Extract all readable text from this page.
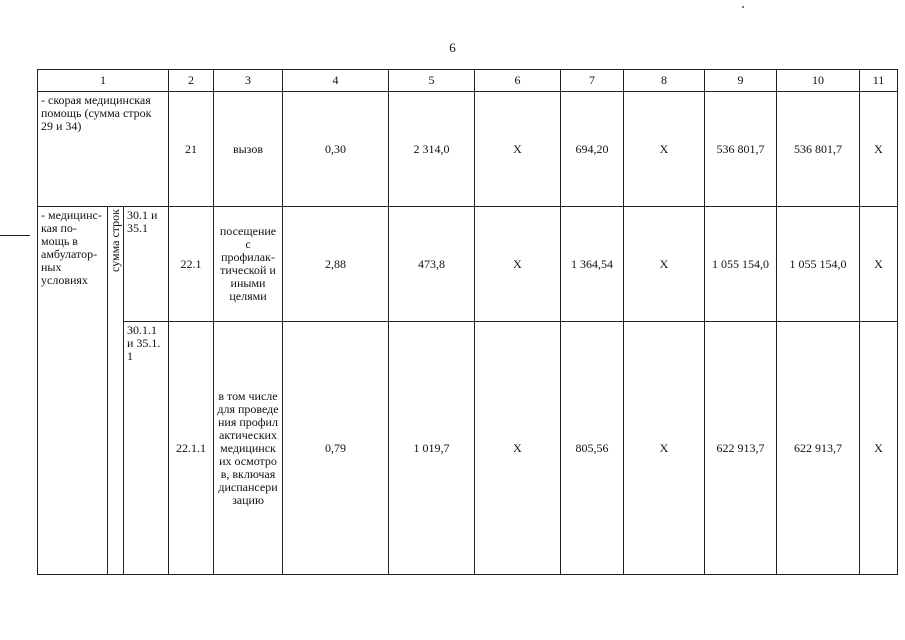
6
1			2	3	4	5	6	7	8	9	10	11
- скорая медицинская помощь (сумма строк 29 и 34)			21	вызов	0,30	2 314,0	X	694,20	X	536 801,7	536 801,7	X
- медицинс-кая по-мощь в амбулатор-ных условиях	сумма строк	30.1 и 35.1	22.1	посещение с профилак-тической и иными целями	2,88	473,8	X	1 364,54	X	1 055 154,0	1 055 154,0	X
		30.1.1 и 35.1.1	22.1.1	в том числе для проведения профилактических медицинских осмотров, включая диспансеризацию	0,79	1 019,7	X	805,56	X	622 913,7	622 913,7	X
